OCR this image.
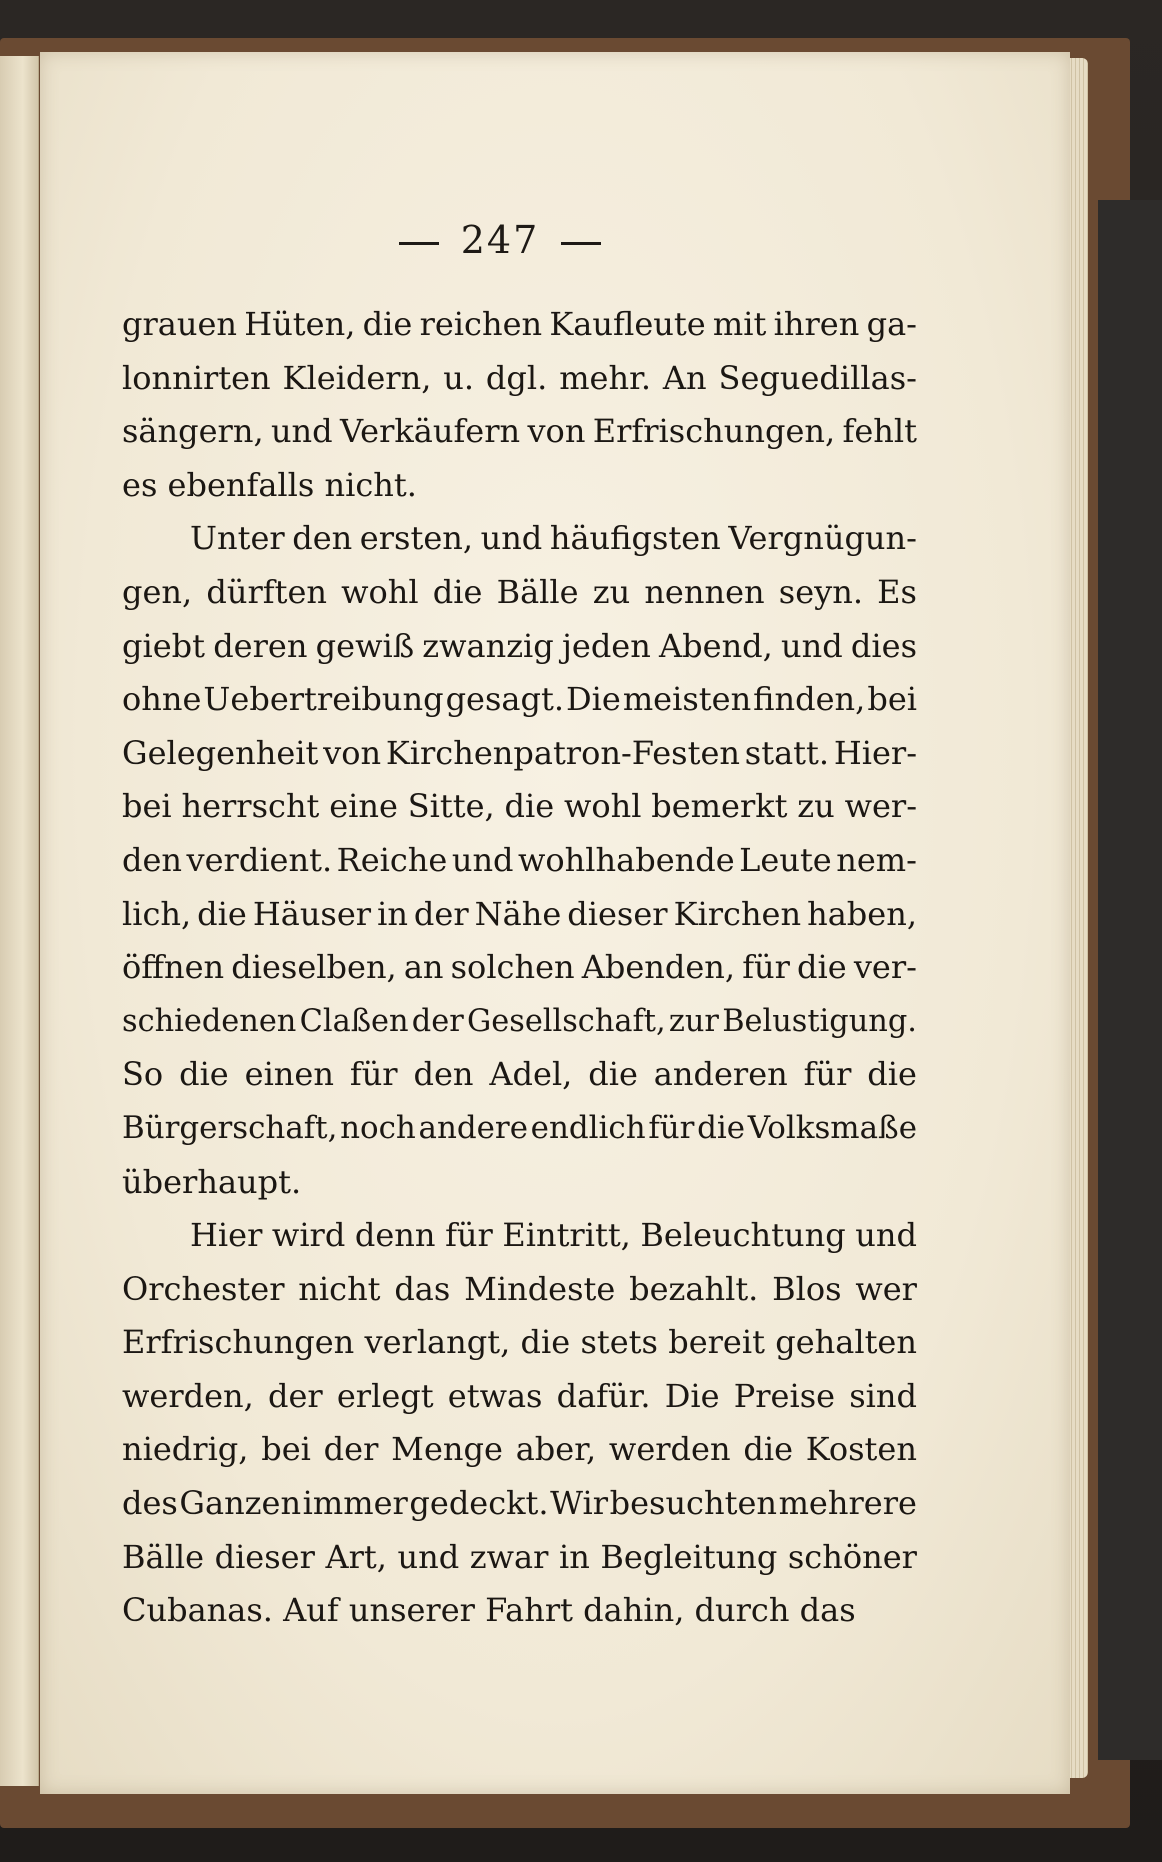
247
grauen Hüten, die reichen Kaufleute mit ihren ga-
lonnirten Kleidern, u. dgl. mehr. An Seguedillas-
sängern, und Verkäufern von Erfrischungen, fehlt
es ebenfalls nicht.
Unter den ersten, und häufigsten Vergnügun-
gen, dürften wohl die Bälle zu nennen seyn. Es
giebt deren gewiß zwanzig jeden Abend, und dies
ohne Uebertreibung gesagt. Die meisten finden, bei
Gelegenheit von Kirchenpatron-Festen statt. Hier-
bei herrscht eine Sitte, die wohl bemerkt zu wer-
den verdient. Reiche und wohlhabende Leute nem-
lich, die Häuser in der Nähe dieser Kirchen haben,
öffnen dieselben, an solchen Abenden, für die ver-
schiedenen Claßen der Gesellschaft, zur Belustigung.
So die einen für den Adel, die anderen für die
Bürgerschaft, noch andere endlich für die Volksmaße
überhaupt.
Hier wird denn für Eintritt, Beleuchtung und
Orchester nicht das Mindeste bezahlt. Blos wer
Erfrischungen verlangt, die stets bereit gehalten
werden, der erlegt etwas dafür. Die Preise sind
niedrig, bei der Menge aber, werden die Kosten
des Ganzen immer gedeckt. Wir besuchten mehrere
Bälle dieser Art, und zwar in Begleitung schöner
Cubanas. Auf unserer Fahrt dahin, durch das
